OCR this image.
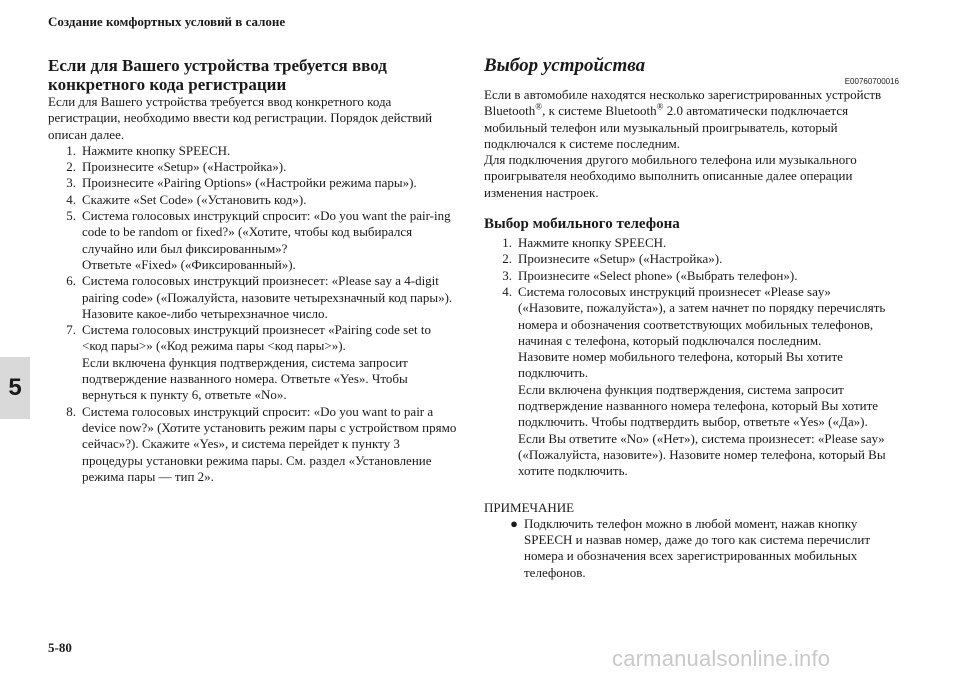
Создание комфортных условий в салоне
5
Если для Вашего устройства требуется ввод конкретного кода регистрации

Если для Вашего устройства требуется ввод конкретного кода регистрации, необходимо ввести код регистрации. Порядок действий описан далее.

1. Нажмите кнопку SPEECH.
2. Произнесите «Setup» («Настройка»).
3. Произнесите «Pairing Options» («Настройки режима пары»).
4. Скажите «Set Code» («Установить код»).
5. Система голосовых инструкций спросит: «Do you want the pair-ing code to be random or fixed?» («Хотите, чтобы код выбирался случайно или был фиксированным»?
Ответьте «Fixed» («Фиксированный»).
6. Система голосовых инструкций произнесет: «Please say a 4-digit pairing code» («Пожалуйста, назовите четырехзначный код пары»). Назовите какое-либо четырехзначное число.
7. Система голосовых инструкций произнесет «Pairing code set to <код пары>» («Код режима пары <код пары>»).
Если включена функция подтверждения, система запросит подтверждение названного номера. Ответьте «Yes». Чтобы вернуться к пункту 6, ответьте «No».
8. Система голосовых инструкций спросит: «Do you want to pair a device now?» (Хотите установить режим пары с устройством прямо сейчас»?). Скажите «Yes», и система перейдет к пункту 3 процедуры установки режима пары. См. раздел «Установление режима пары — тип 2».
Выбор устройства

E00760700016

Если в автомобиле находятся несколько зарегистрированных устройств Bluetooth®, к системе Bluetooth® 2.0 автоматически подключается мобильный телефон или музыкальный проигрыватель, который подключался к системе последним.

Для подключения другого мобильного телефона или музыкального проигрывателя необходимо выполнить описанные далее операции изменения настроек.

Выбор мобильного телефона
1. Нажмите кнопку SPEECH.
2. Произнесите «Setup» («Настройка»).
3. Произнесите «Select phone» («Выбрать телефон»).
4. Система голосовых инструкций произнесет «Please say» («Назовите, пожалуйста»), а затем начнет по порядку перечислять номера и обозначения соответствующих мобильных телефонов, начиная с телефона, который подключался последним.
Назовите номер мобильного телефона, который Вы хотите подключить.
Если включена функция подтверждения, система запросит подтверждение названного номера телефона, который Вы хотите подключить. Чтобы подтвердить выбор, ответьте «Yes» («Да»).
Если Вы ответите «No» («Нет»), система произнесет: «Please say» («Пожалуйста, назовите»). Назовите номер телефона, который Вы хотите подключить.

ПРИМЕЧАНИЕ

● Подключить телефон можно в любой момент, нажав кнопку SPEECH и назвав номер, даже до того как система перечислит номера и обозначения всех зарегистрированных мобильных телефонов.
5-80	carmanualsonline.info
